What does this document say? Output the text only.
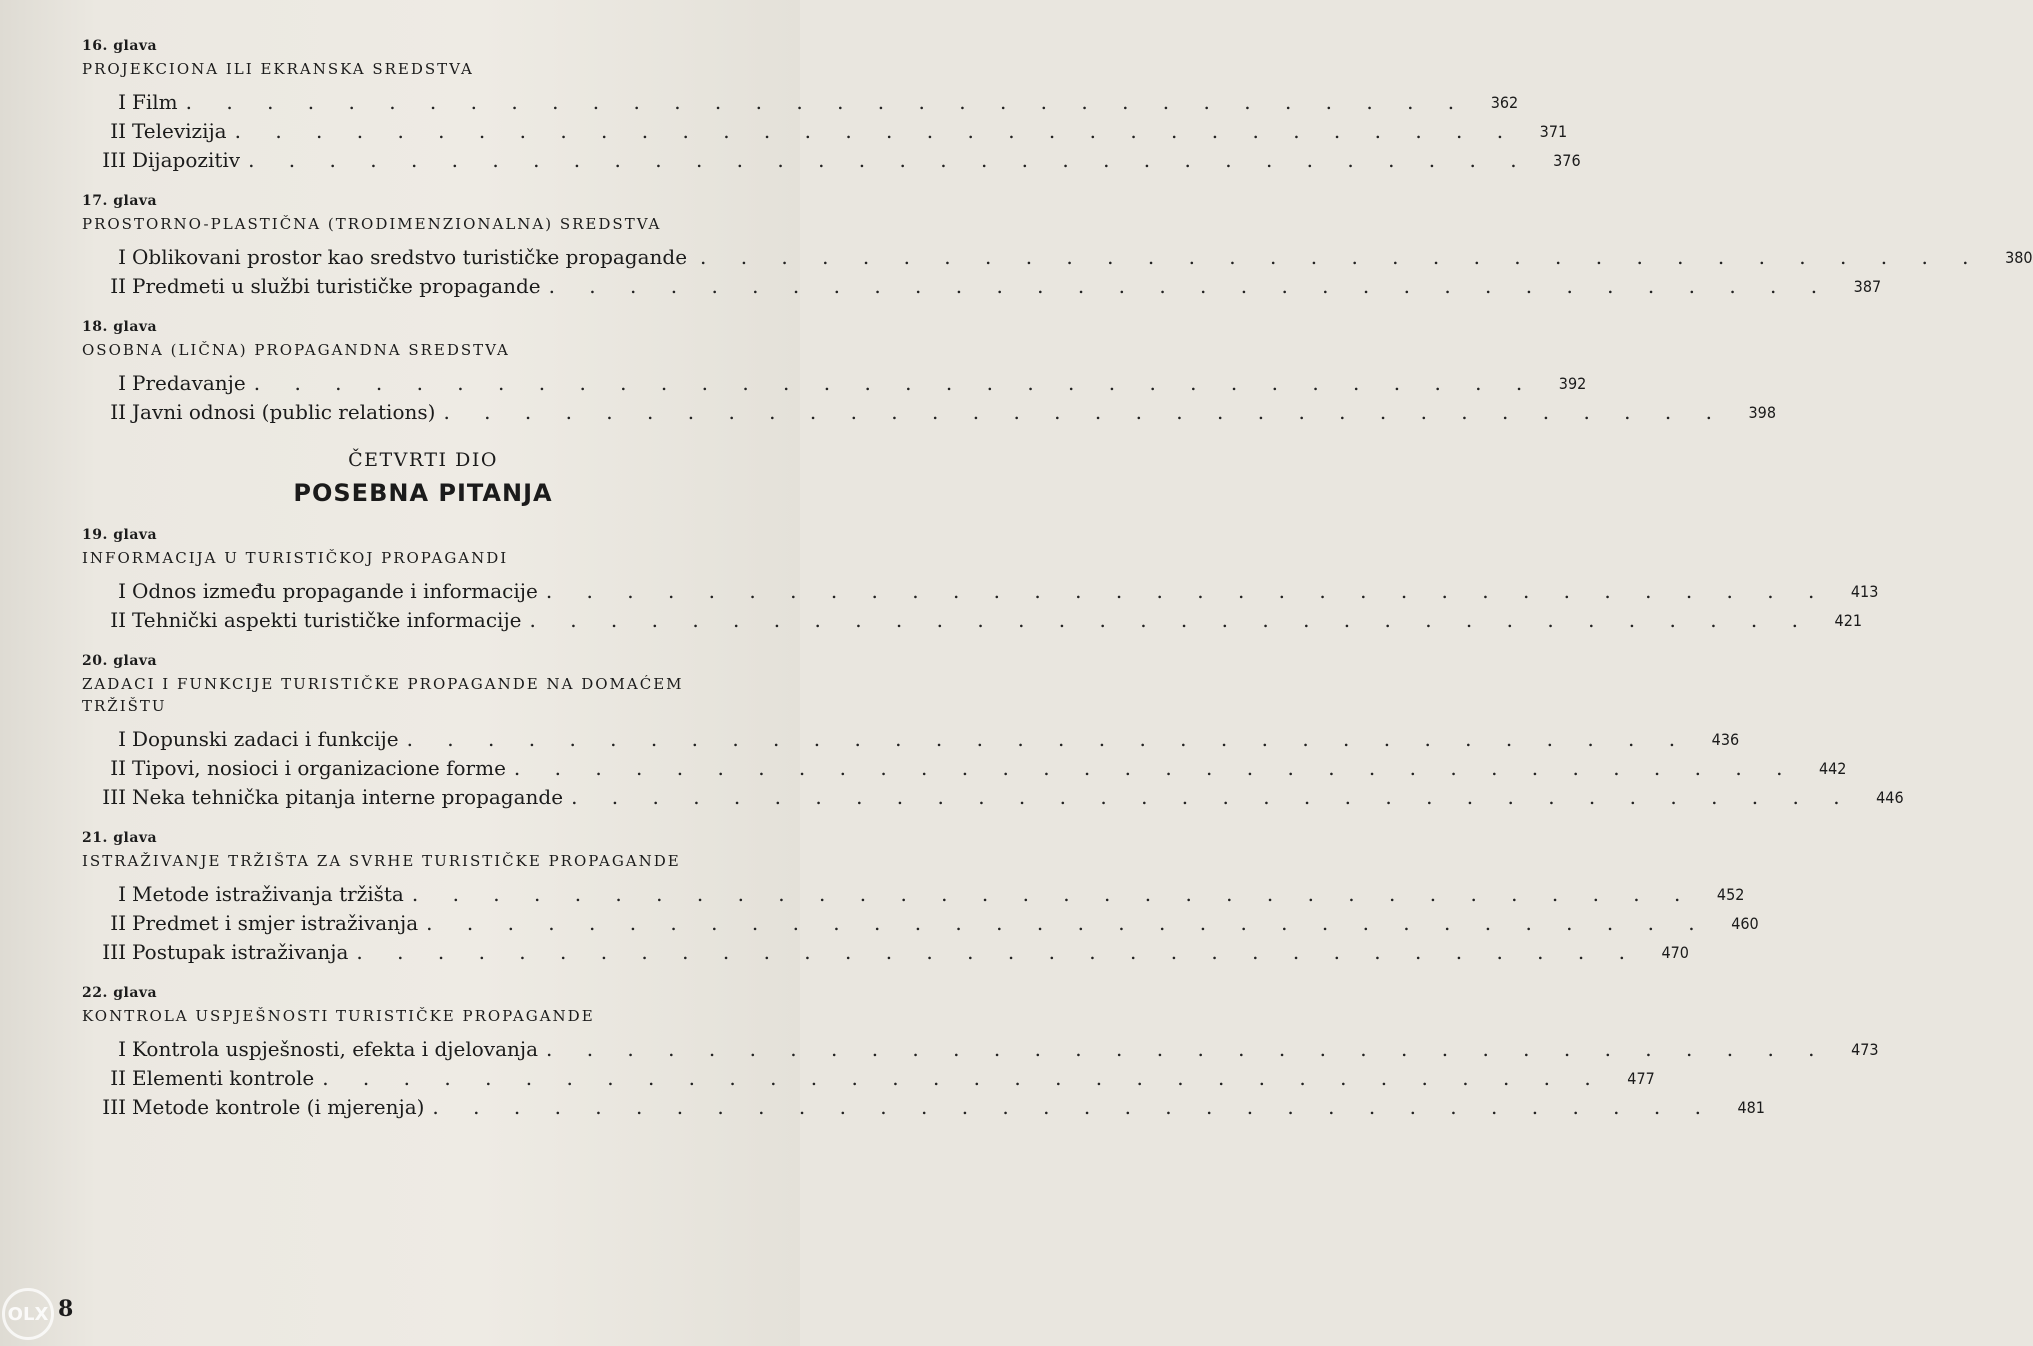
16. glava
PROJEKCIONA ILI EKRANSKA SREDSTVA
I Film . . . . . . . . . . . . . . . . . . . . . . . . . . . . . . . .	362
II Televizija . . . . . . . . . . . . . . . . . . . . . . . . . . . . . . . .	371
III Dijapozitiv . . . . . . . . . . . . . . . . . . . . . . . . . . . . . . . .	376
17. glava
PROSTORNO-PLASTIČNA (TRODIMENZIONALNA) SREDSTVA
I Oblikovani prostor kao sredstvo turističke propagande . . . . . . . . . . . . . . . . . . . . . . . . . . . . . . . .	380
II Predmeti u službi turističke propagande . . . . . . . . . . . . . . . . . . . . . . . . . . . . . . . .	387
18. glava
OSOBNA (LIČNA) PROPAGANDNA SREDSTVA
I Predavanje . . . . . . . . . . . . . . . . . . . . . . . . . . . . . . . .	392
II Javni odnosi (public relations) . . . . . . . . . . . . . . . . . . . . . . . . . . . . . . . .	398
ČETVRTI DIO
POSEBNA PITANJA
19. glava
INFORMACIJA U TURISTIČKOJ PROPAGANDI
I Odnos između propagande i informacije . . . . . . . . . . . . . . . . . . . . . . . . . . . . . . . .	413
II Tehnički aspekti turističke informacije . . . . . . . . . . . . . . . . . . . . . . . . . . . . . . . .	421
20. glava
ZADACI I FUNKCIJE TURISTIČKE PROPAGANDE NA DOMAĆEM TRŽIŠTU
I Dopunski zadaci i funkcije . . . . . . . . . . . . . . . . . . . . . . . . . . . . . . . .	436
II Tipovi, nosioci i organizacione forme . . . . . . . . . . . . . . . . . . . . . . . . . . . . . . . .	442
III Neka tehnička pitanja interne propagande . . . . . . . . . . . . . . . . . . . . . . . . . . . . . . . .	446
21. glava
ISTRAŽIVANJE TRŽIŠTA ZA SVRHE TURISTIČKE PROPAGANDE
I Metode istraživanja tržišta . . . . . . . . . . . . . . . . . . . . . . . . . . . . . . . .	452
II Predmet i smjer istraživanja . . . . . . . . . . . . . . . . . . . . . . . . . . . . . . . .	460
III Postupak istraživanja . . . . . . . . . . . . . . . . . . . . . . . . . . . . . . . .	470
22. glava
KONTROLA USPJEŠNOSTI TURISTIČKE PROPAGANDE
I Kontrola uspješnosti, efekta i djelovanja . . . . . . . . . . . . . . . . . . . . . . . . . . . . . . . .	473
II Elementi kontrole . . . . . . . . . . . . . . . . . . . . . . . . . . . . . . . .	477
III Metode kontrole (i mjerenja) . . . . . . . . . . . . . . . . . . . . . . . . . . . . . . . .	481
OLX 8
